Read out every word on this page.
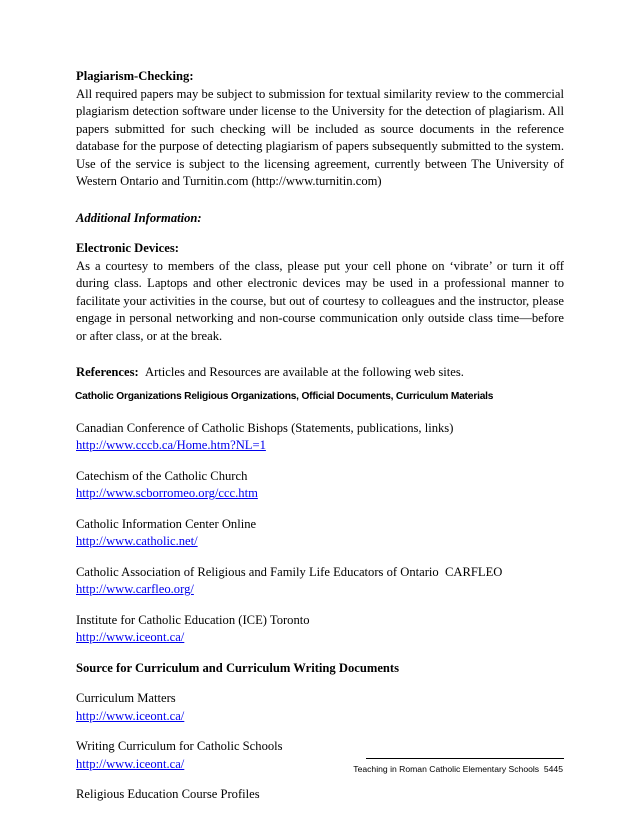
Plagiarism-Checking:

All required papers may be subject to submission for textual similarity review to the commercial plagiarism detection software under license to the University for the detection of plagiarism. All papers submitted for such checking will be included as source documents in the reference database for the purpose of detecting plagiarism of papers subsequently submitted to the system. Use of the service is subject to the licensing agreement, currently between The University of Western Ontario and Turnitin.com (http://www.turnitin.com)

Additional Information:

Electronic Devices:

As a courtesy to members of the class, please put your cell phone on ‘vibrate’ or turn it off during class. Laptops and other electronic devices may be used in a professional manner to facilitate your activities in the course, but out of courtesy to colleagues and the instructor, please engage in personal networking and non-course communication only outside class time—before or after class, or at the break.

References: Articles and Resources are available at the following web sites.

Catholic Organizations Religious Organizations, Official Documents, Curriculum Materials

Canadian Conference of Catholic Bishops (Statements, publications, links)
http://www.cccb.ca/Home.htm?NL=1

Catechism of the Catholic Church
http://www.scborromeo.org/ccc.htm

Catholic Information Center Online
http://www.catholic.net/

Catholic Association of Religious and Family Life Educators of Ontario  CARFLEO
http://www.carfleo.org/

Institute for Catholic Education (ICE) Toronto
http://www.iceont.ca/

Source for Curriculum and Curriculum Writing Documents

Curriculum Matters
http://www.iceont.ca/

Writing Curriculum for Catholic Schools
http://www.iceont.ca/

Religious Education Course Profiles

Teaching in Roman Catholic Elementary Schools  5445
